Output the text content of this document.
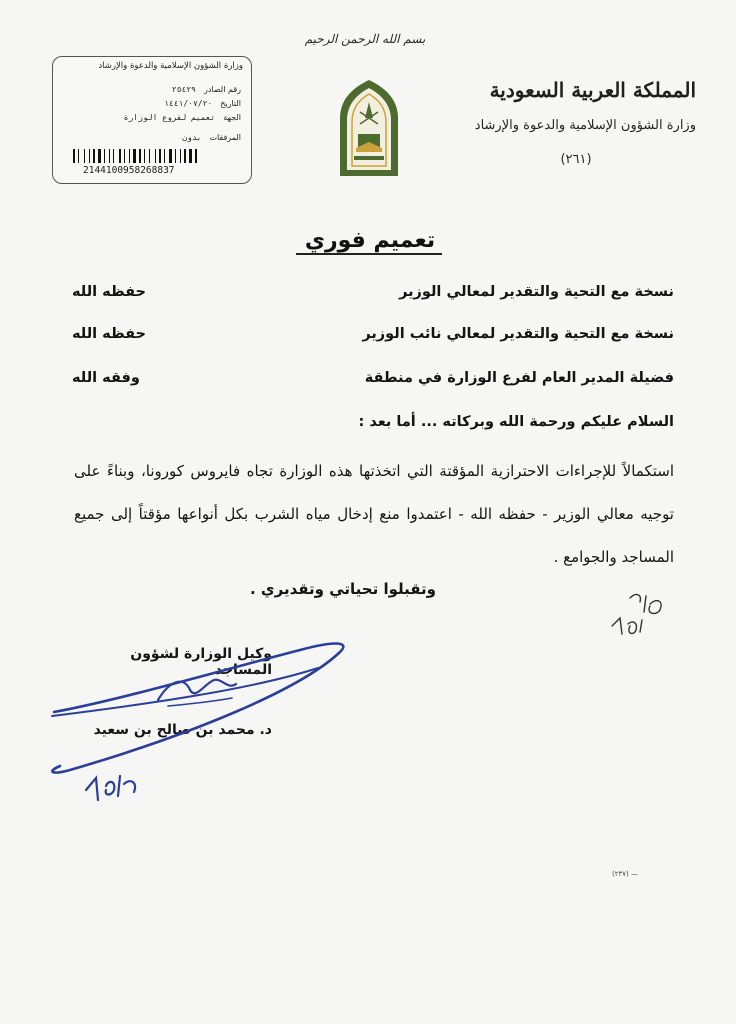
بسم الله الرحمن الرحيم
المملكة العربية السعودية
وزارة الشؤون الإسلامية والدعوة والإرشاد
(٢٦١)
وزارة الشؤون الإسلامية والدعوة والإرشاد
رقم الصادر
٢٥٤٢٩
التاريخ
١٤٤١/٠٧/٢٠
الجهة
تعميم لفروع الوزارة
المرفقات
بدون
2144100958268837
تعميم فوري
نسخة مع التحية والتقدير لمعالي الوزير
حفظه الله
نسخة مع التحية والتقدير لمعالي نائب الوزير
حفظه الله
فضيلة المدير العام لفرع الوزارة في منطقة
وفقه الله
السلام عليكم ورحمة الله وبركاته ... أما بعد :
استكمالاً للإجراءات الاحترازية المؤقتة التي اتخذتها هذه الوزارة تجاه فايروس كورونا، وبناءً على توجيه معالي الوزير - حفظه الله - اعتمدوا منع إدخال مياه الشرب بكل أنواعها مؤقتاً إلى جميع المساجد والجوامع .
وتقبلوا تحياتي وتقديري .
وكيل الوزارة لشؤون المساجد
د. محمد بن صالح بن سعيد
— (٢٣٧)
